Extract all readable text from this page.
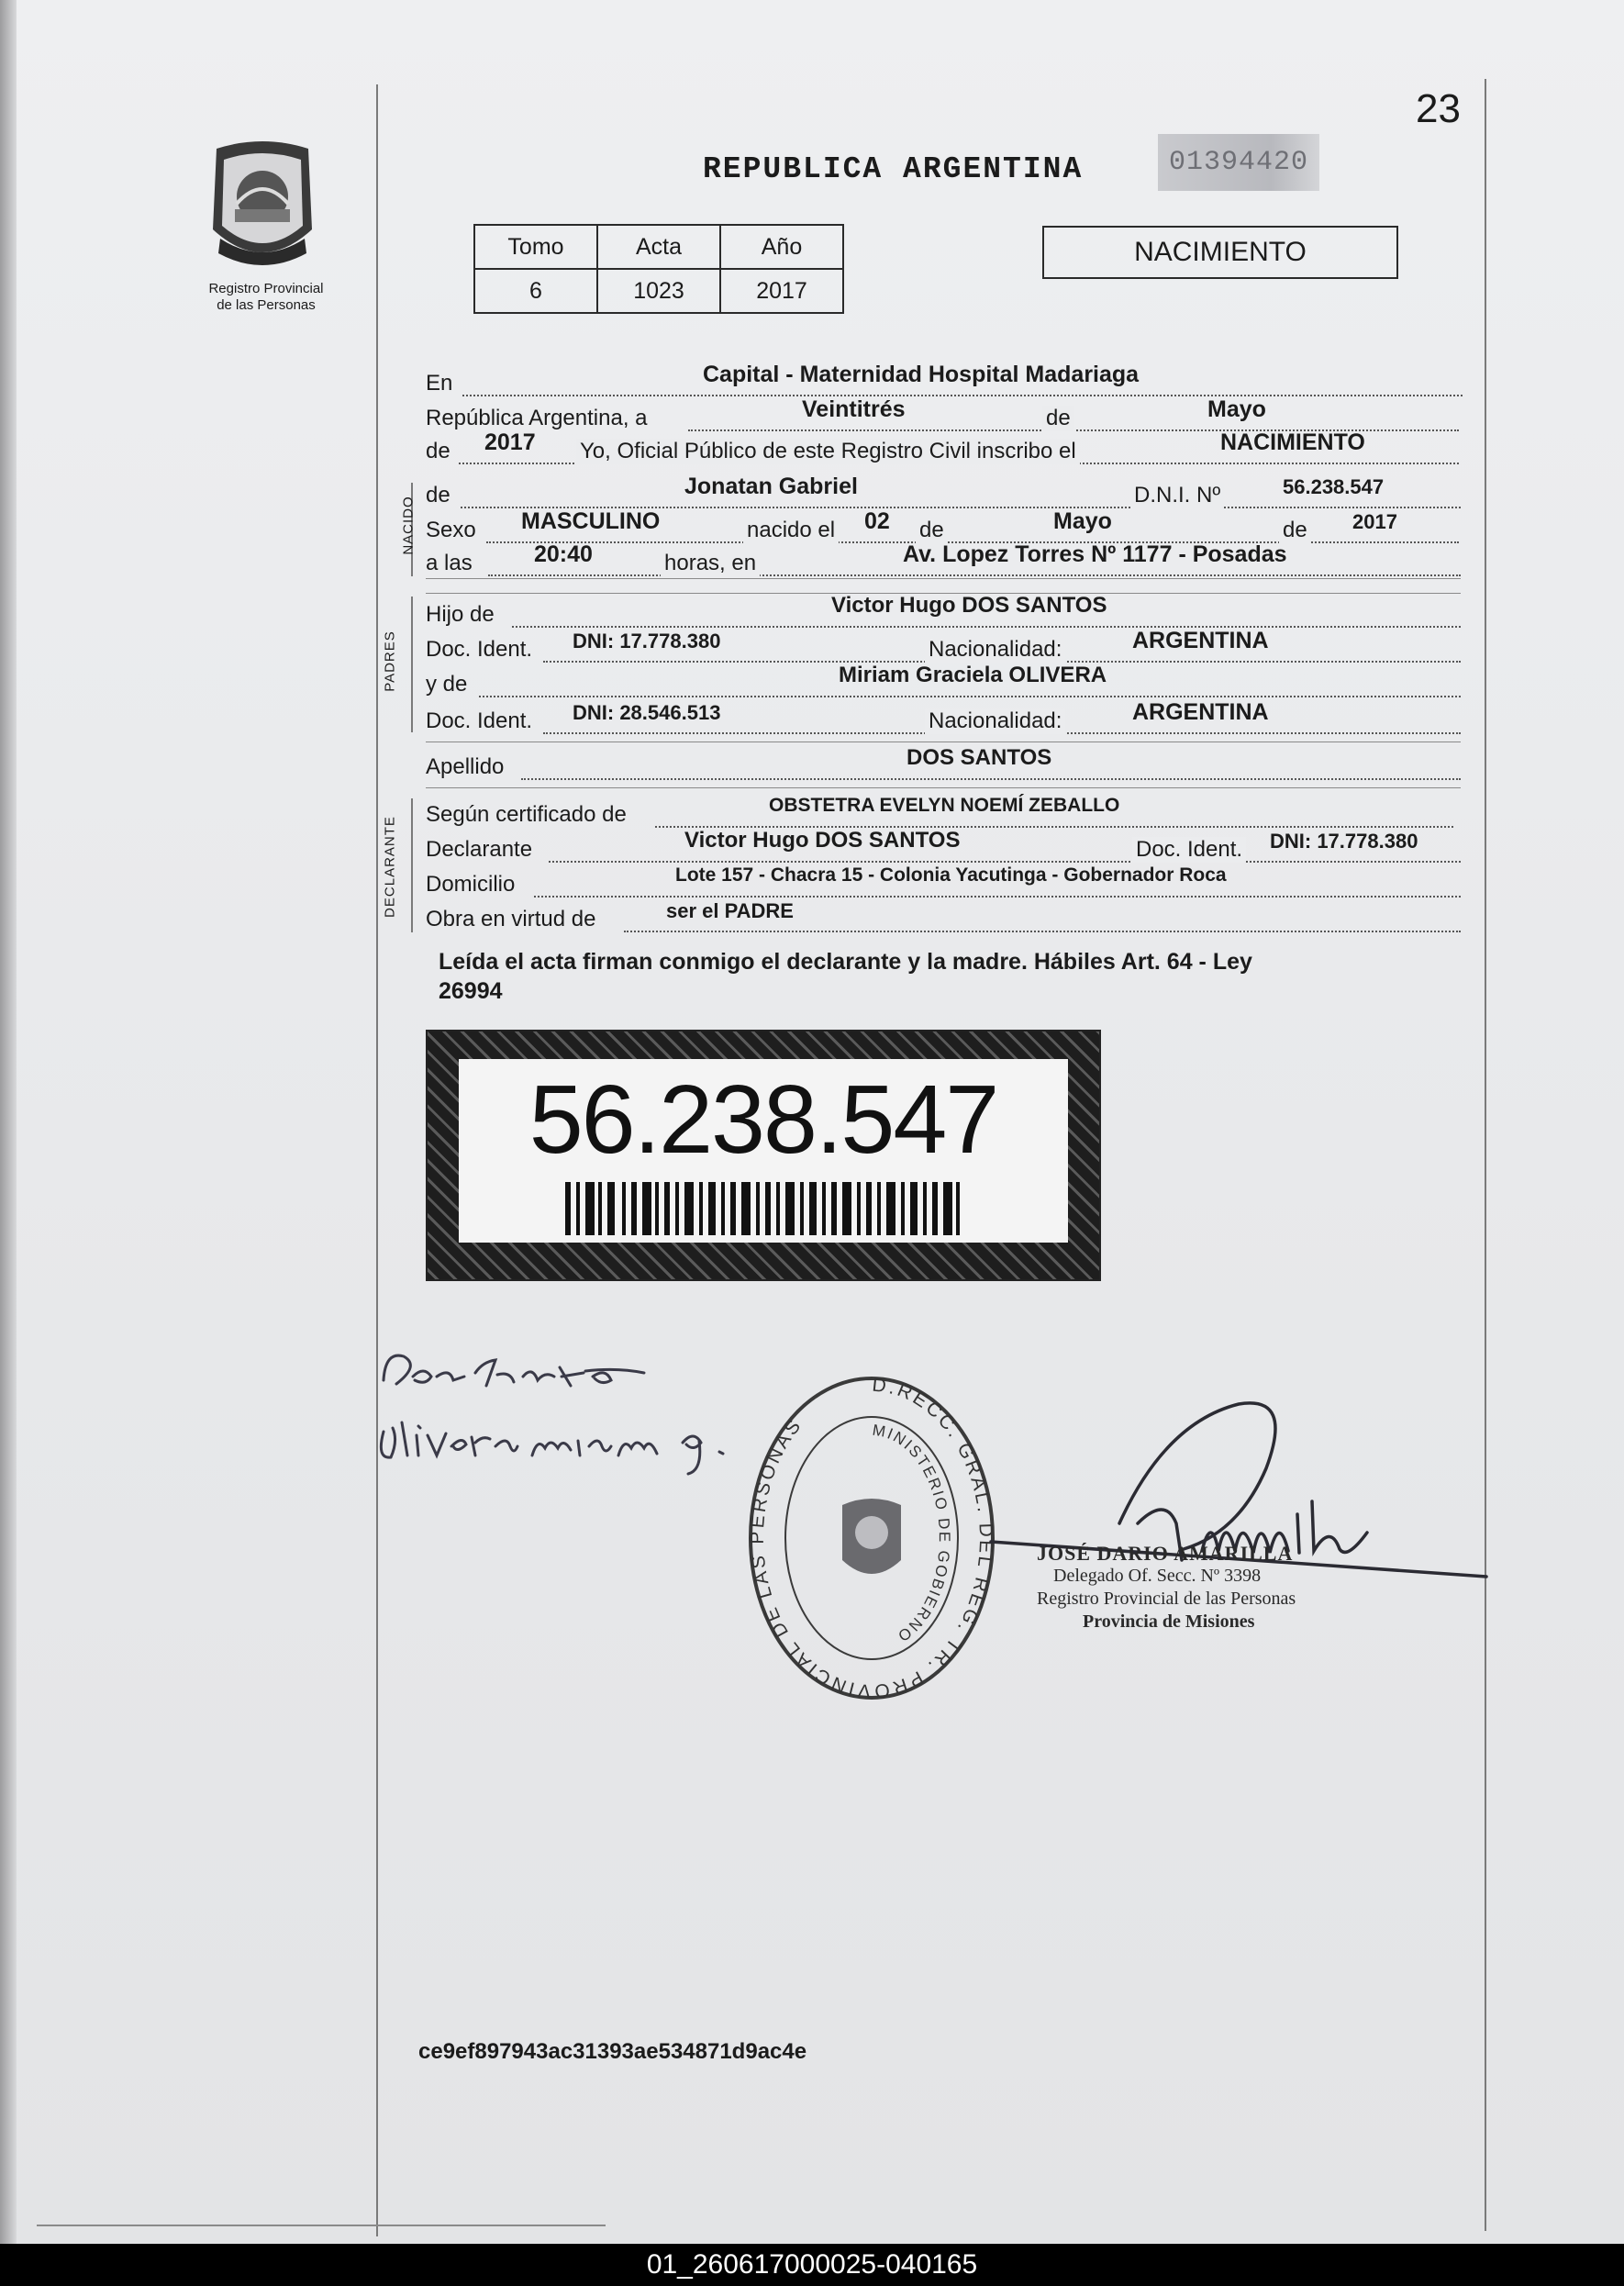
23
Registro Provincial
de las Personas
REPUBLICA ARGENTINA	01394420
Tomo	Acta	Año
6	1023	2017
NACIMIENTO
NACIDO
PADRES
DECLARANTE
En	Capital - Maternidad Hospital Madariaga
República Argentina, a	Veintitrés	de	Mayo
de 2017 Yo, Oficial Público de este Registro Civil inscribo el	NACIMIENTO
de	Jonatan Gabriel	D.N.I. Nº	56.238.547
Sexo MASCULINO	nacido el 02 de	Mayo	de 2017
a las	20:40	horas, en	Av. Lopez Torres Nº 1177 - Posadas
Hijo de	Victor Hugo DOS SANTOS
Doc. Ident. DNI: 17.778.380	Nacionalidad:	ARGENTINA
y de	Miriam Graciela OLIVERA
Doc. Ident. DNI: 28.546.513	Nacionalidad:	ARGENTINA
Apellido	DOS SANTOS
Según certificado de	OBSTETRA EVELYN NOEMÍ ZEBALLO
Declarante	Victor Hugo DOS SANTOS	Doc. Ident. DNI: 17.778.380
Domicilio	Lote 157 - Chacra 15 - Colonia Yacutinga - Gobernador Roca
Obra en virtud de	ser el PADRE
Leída el acta firman conmigo el declarante y la madre. Hábiles Art. 64 - Ley
26994
56.238.547
D.RECC. GRAL. DEL REG. TR. PROVINCIAL DE LAS PERSONAS	MINISTERIO DE GOBIERNO
JOSÉ DARIO AMARILLA
Delegado Of. Secc. Nº 3398
Registro Provincial de las Personas
Provincia de Misiones
ce9ef897943ac31393ae534871d9ac4e
01_260617000025-040165
